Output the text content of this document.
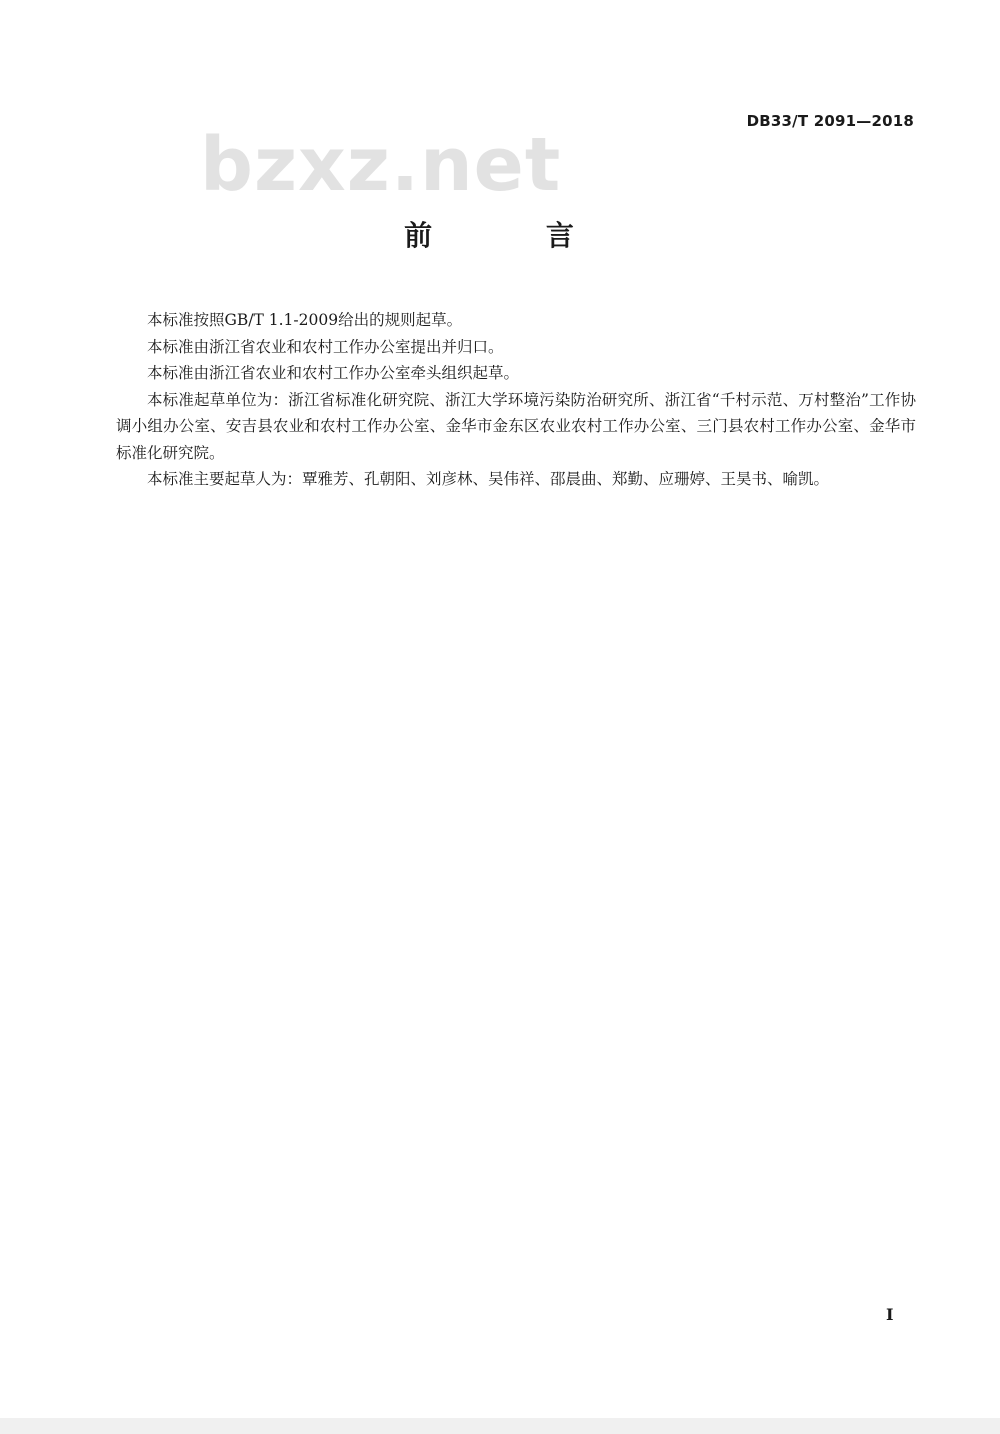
DB33/T 2091—2018
bzxz.net
前 言

本标准按照GB/T 1.1-2009给出的规则起草。

本标准由浙江省农业和农村工作办公室提出并归口。

本标准由浙江省农业和农村工作办公室牵头组织起草。

本标准起草单位为：浙江省标准化研究院、浙江大学环境污染防治研究所、浙江省“千村示范、万村整治”工作协调小组办公室、安吉县农业和农村工作办公室、金华市金东区农业农村工作办公室、三门县农村工作办公室、金华市标准化研究院。

本标准主要起草人为：覃雅芳、孔朝阳、刘彦林、吴伟祥、邵晨曲、郑勤、应珊婷、王昊书、喻凯。

I
